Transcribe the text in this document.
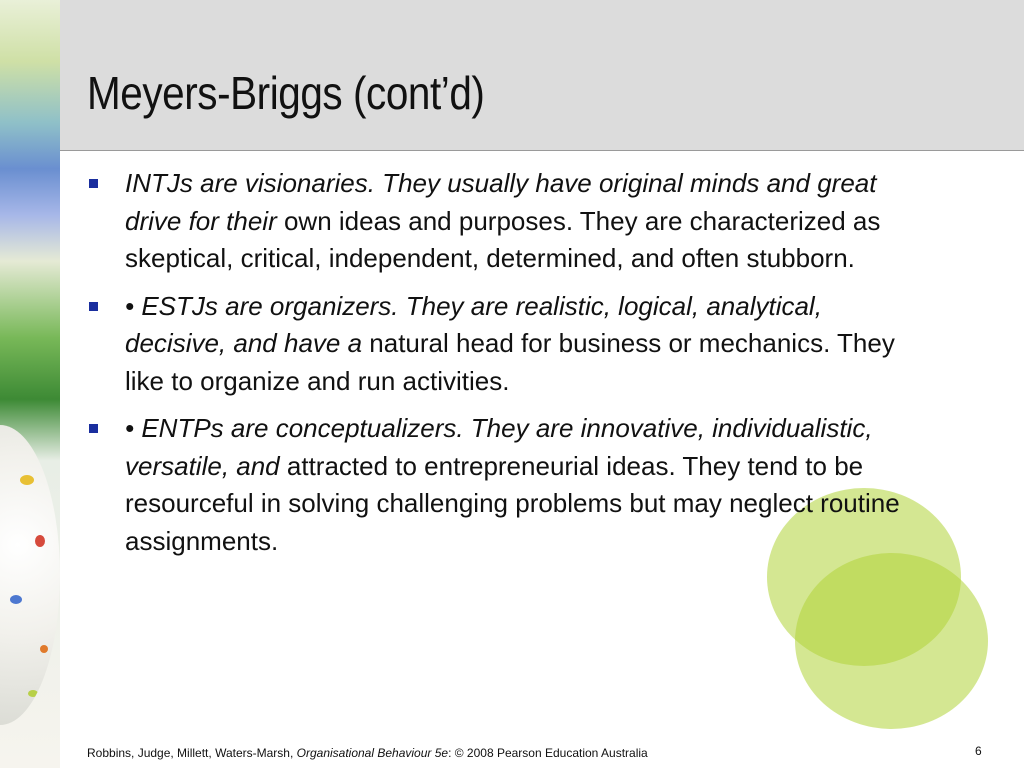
Meyers-Briggs (cont’d)
INTJs are visionaries. They usually have original minds and great drive for their own ideas and purposes. They are characterized as skeptical, critical, independent, determined, and often stubborn.
• ESTJs are organizers. They are realistic, logical, analytical, decisive, and have a natural head for business or mechanics. They like to organize and run activities.
• ENTPs are conceptualizers. They are innovative, individualistic, versatile, and attracted to entrepreneurial ideas. They tend to be resourceful in solving challenging problems but may neglect routine assignments.
Robbins, Judge, Millett, Waters-Marsh, Organisational Behaviour 5e: © 2008 Pearson Education Australia	6
